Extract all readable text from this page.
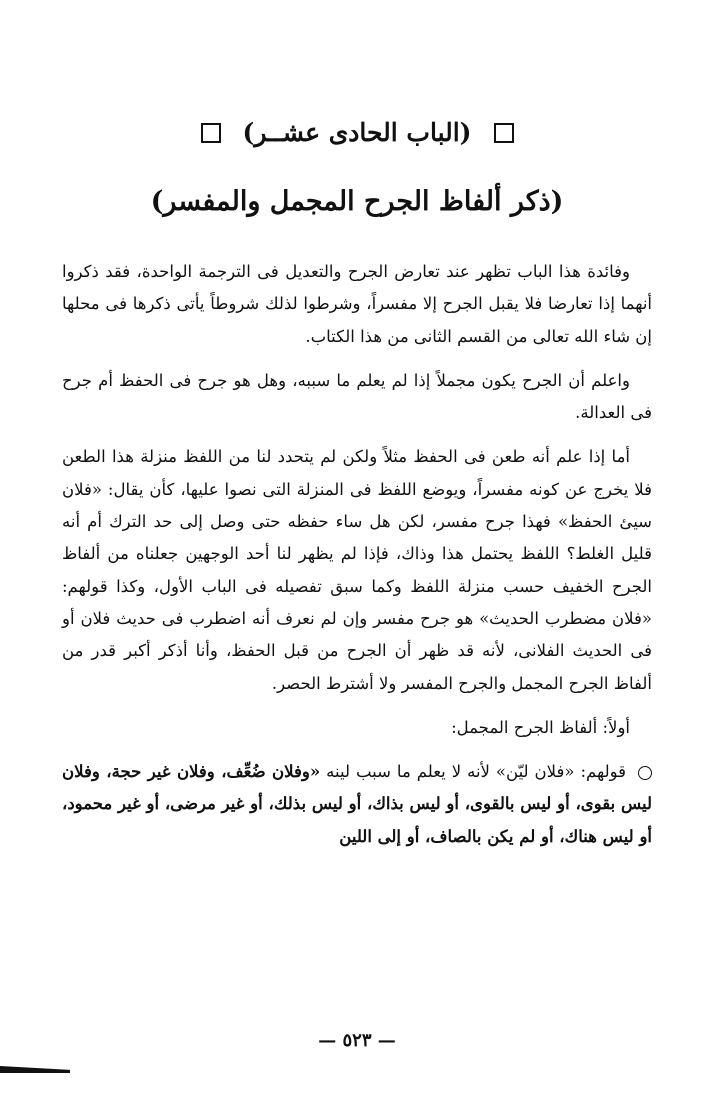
(الباب الحادى عشــر)
(ذكر ألفاظ الجرح المجمل والمفسر)

وفائدة هذا الباب تظهر عند تعارض الجرح والتعديل فى الترجمة الواحدة، فقد ذكروا أنهما إذا تعارضا فلا يقبل الجرح إلا مفسراً، وشرطوا لذلك شروطاً يأتى ذكرها فى محلها إن شاء الله تعالى من القسم الثانى من هذا الكتاب.

واعلم أن الجرح يكون مجملاً إذا لم يعلم ما سببه، وهل هو جرح فى الحفظ أم جرح فى العدالة.

أما إذا علم أنه طعن فى الحفظ مثلاً ولكن لم يتحدد لنا من اللفظ منزلة هذا الطعن فلا يخرج عن كونه مفسراً، ويوضع اللفظ فى المنزلة التى نصوا عليها، كأن يقال: «فلان سيئ الحفظ» فهذا جرح مفسر، لكن هل ساء حفظه حتى وصل إلى حد الترك أم أنه قليل الغلط؟ اللفظ يحتمل هذا وذاك، فإذا لم يظهر لنا أحد الوجهين جعلناه من ألفاظ الجرح الخفيف حسب منزلة اللفظ وكما سبق تفصيله فى الباب الأول، وكذا قولهم: «فلان مضطرب الحديث» هو جرح مفسر وإن لم نعرف أنه اضطرب فى حديث فلان أو فى الحديث الفلانى، لأنه قد ظهر أن الجرح من قبل الحفظ، وأنا أذكر أكبر قدر من ألفاظ الجرح المجمل والجرح المفسر ولا أشترط الحصر.

أولاً: ألفاظ الجرح المجمل:

قولهم: «فلان ليّن» لأنه لا يعلم ما سبب لينه «وفلان ضُعِّف، وفلان غير حجة، وفلان ليس بقوى، أو ليس بالقوى، أو ليس بذاك، أو ليس بذلك، أو غير مرضى، أو غير محمود، أو ليس هناك، أو لم يكن بالصاف، أو إلى اللين

— ٥٢٣ —
